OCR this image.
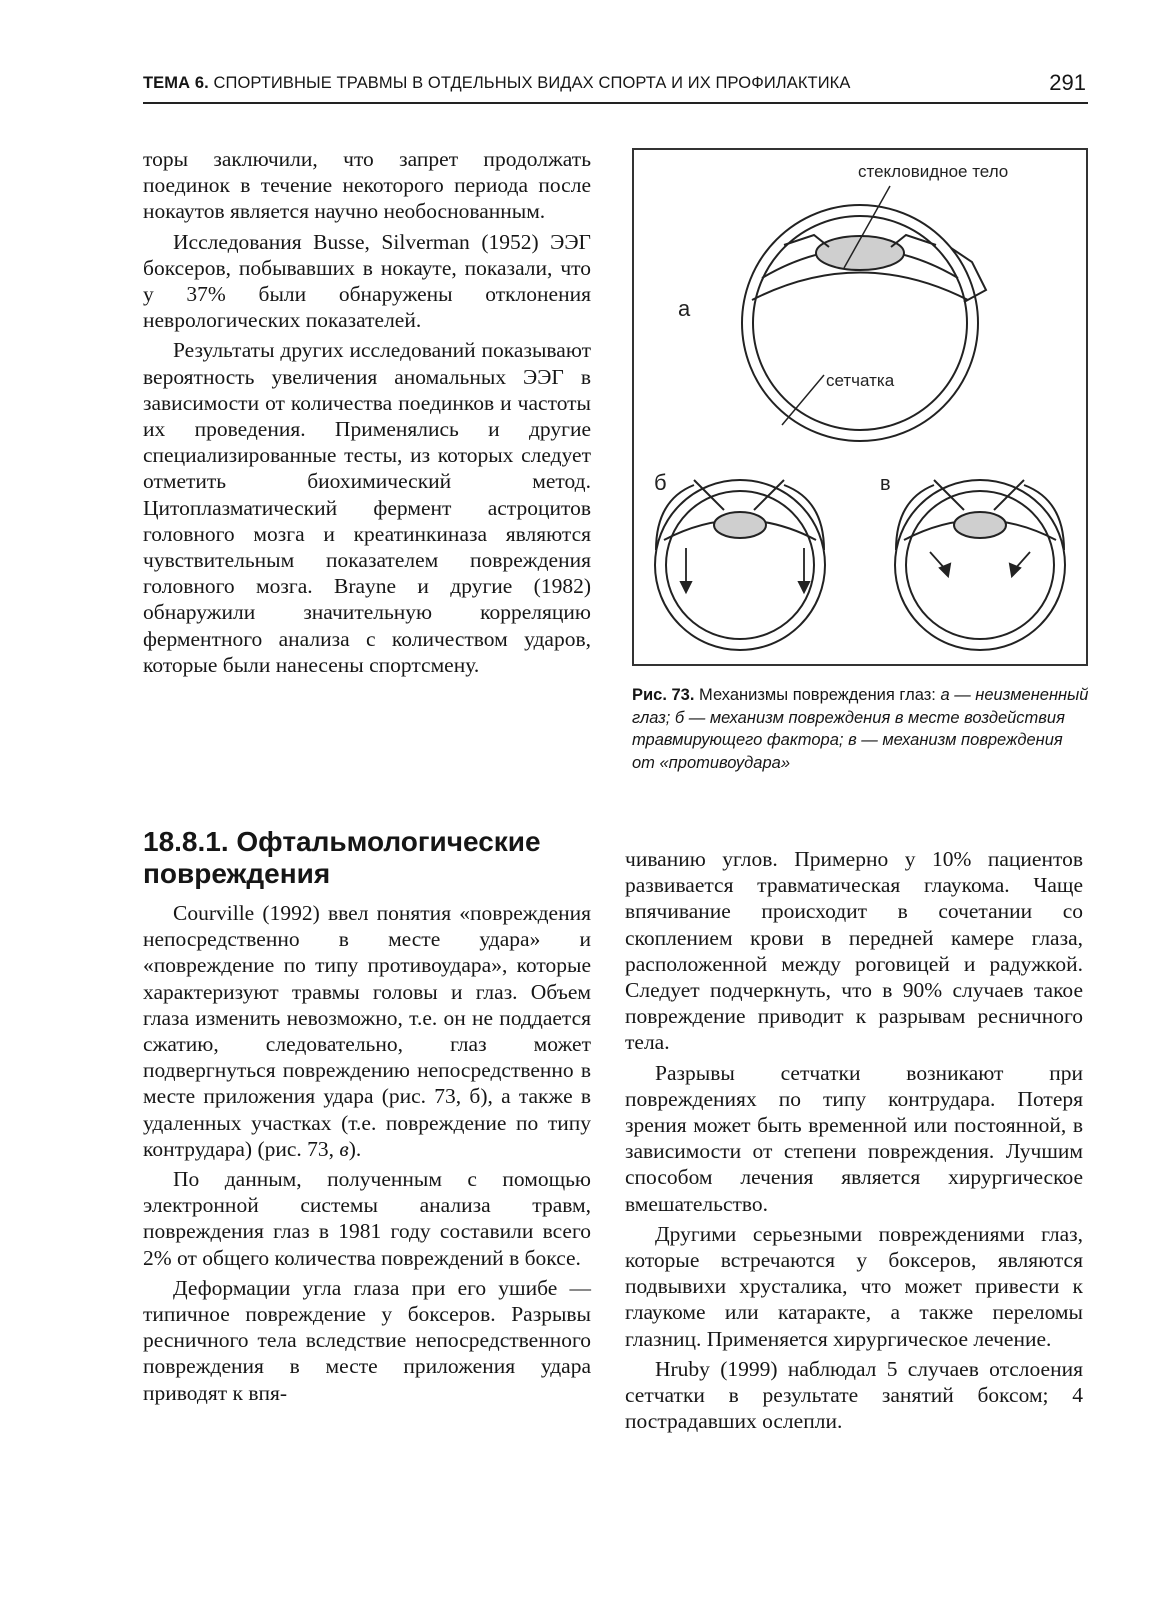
ТЕМА 6. СПОРТИВНЫЕ ТРАВМЫ В ОТДЕЛЬНЫХ ВИДАХ СПОРТА И ИХ ПРОФИЛАКТИКА	291

торы заключили, что запрет продолжать поединок в течение некоторого периода после нокаутов является научно необоснованным.

Исследования Busse, Silverman (1952) ЭЭГ боксеров, побывавших в нокауте, показали, что у 37% были обнаружены отклонения неврологических показателей.

Результаты других исследований показывают вероятность увеличения аномальных ЭЭГ в зависимости от количества поединков и частоты их проведения. Применялись и другие специализированные тесты, из которых следует отметить биохимический метод. Цитоплазматический фермент астроцитов головного мозга и креатинкиназа являются чувствительным показателем повреждения головного мозга. Brayne и другие (1982) обнаружили значительную корреляцию ферментного анализа с количеством ударов, которые были нанесены спортсмену.

стекловидное тело
сетчатка
а
б	в
Рис. 73. Механизмы повреждения глаз: а — неизмененный глаз; б — механизм повреждения в месте воздействия травмирующего фактора; в — механизм повреждения от «противоудара»
18.8.1. Офтальмологические повреждения

Courville (1992) ввел понятия «повреждения непосредственно в месте удара» и «повреждение по типу противоудара», которые характеризуют травмы головы и глаз. Объем глаза изменить невозможно, т.е. он не поддается сжатию, следовательно, глаз может подвергнуться повреждению непосредственно в месте приложения удара (рис. 73, б), а также в удаленных участках (т.е. повреждение по типу контрудара) (рис. 73, в).

По данным, полученным с помощью электронной системы анализа травм, повреждения глаз в 1981 году составили всего 2% от общего количества повреждений в боксе.

Деформации угла глаза при его ушибе — типичное повреждение у боксеров. Разрывы ресничного тела вследствие непосредственного повреждения в месте приложения удара приводят к впя-

чиванию углов. Примерно у 10% пациентов развивается травматическая глаукома. Чаще впячивание происходит в сочетании со скоплением крови в передней камере глаза, расположенной между роговицей и радужкой. Следует подчеркнуть, что в 90% случаев такое повреждение приводит к разрывам ресничного тела.

Разрывы сетчатки возникают при повреждениях по типу контрудара. Потеря зрения может быть временной или постоянной, в зависимости от степени повреждения. Лучшим способом лечения является хирургическое вмешательство.

Другими серьезными повреждениями глаз, которые встречаются у боксеров, являются подвывихи хрусталика, что может привести к глаукоме или катаракте, а также переломы глазниц. Применяется хирургическое лечение.

Hruby (1999) наблюдал 5 случаев отслоения сетчатки в результате занятий боксом; 4 пострадавших ослепли.
